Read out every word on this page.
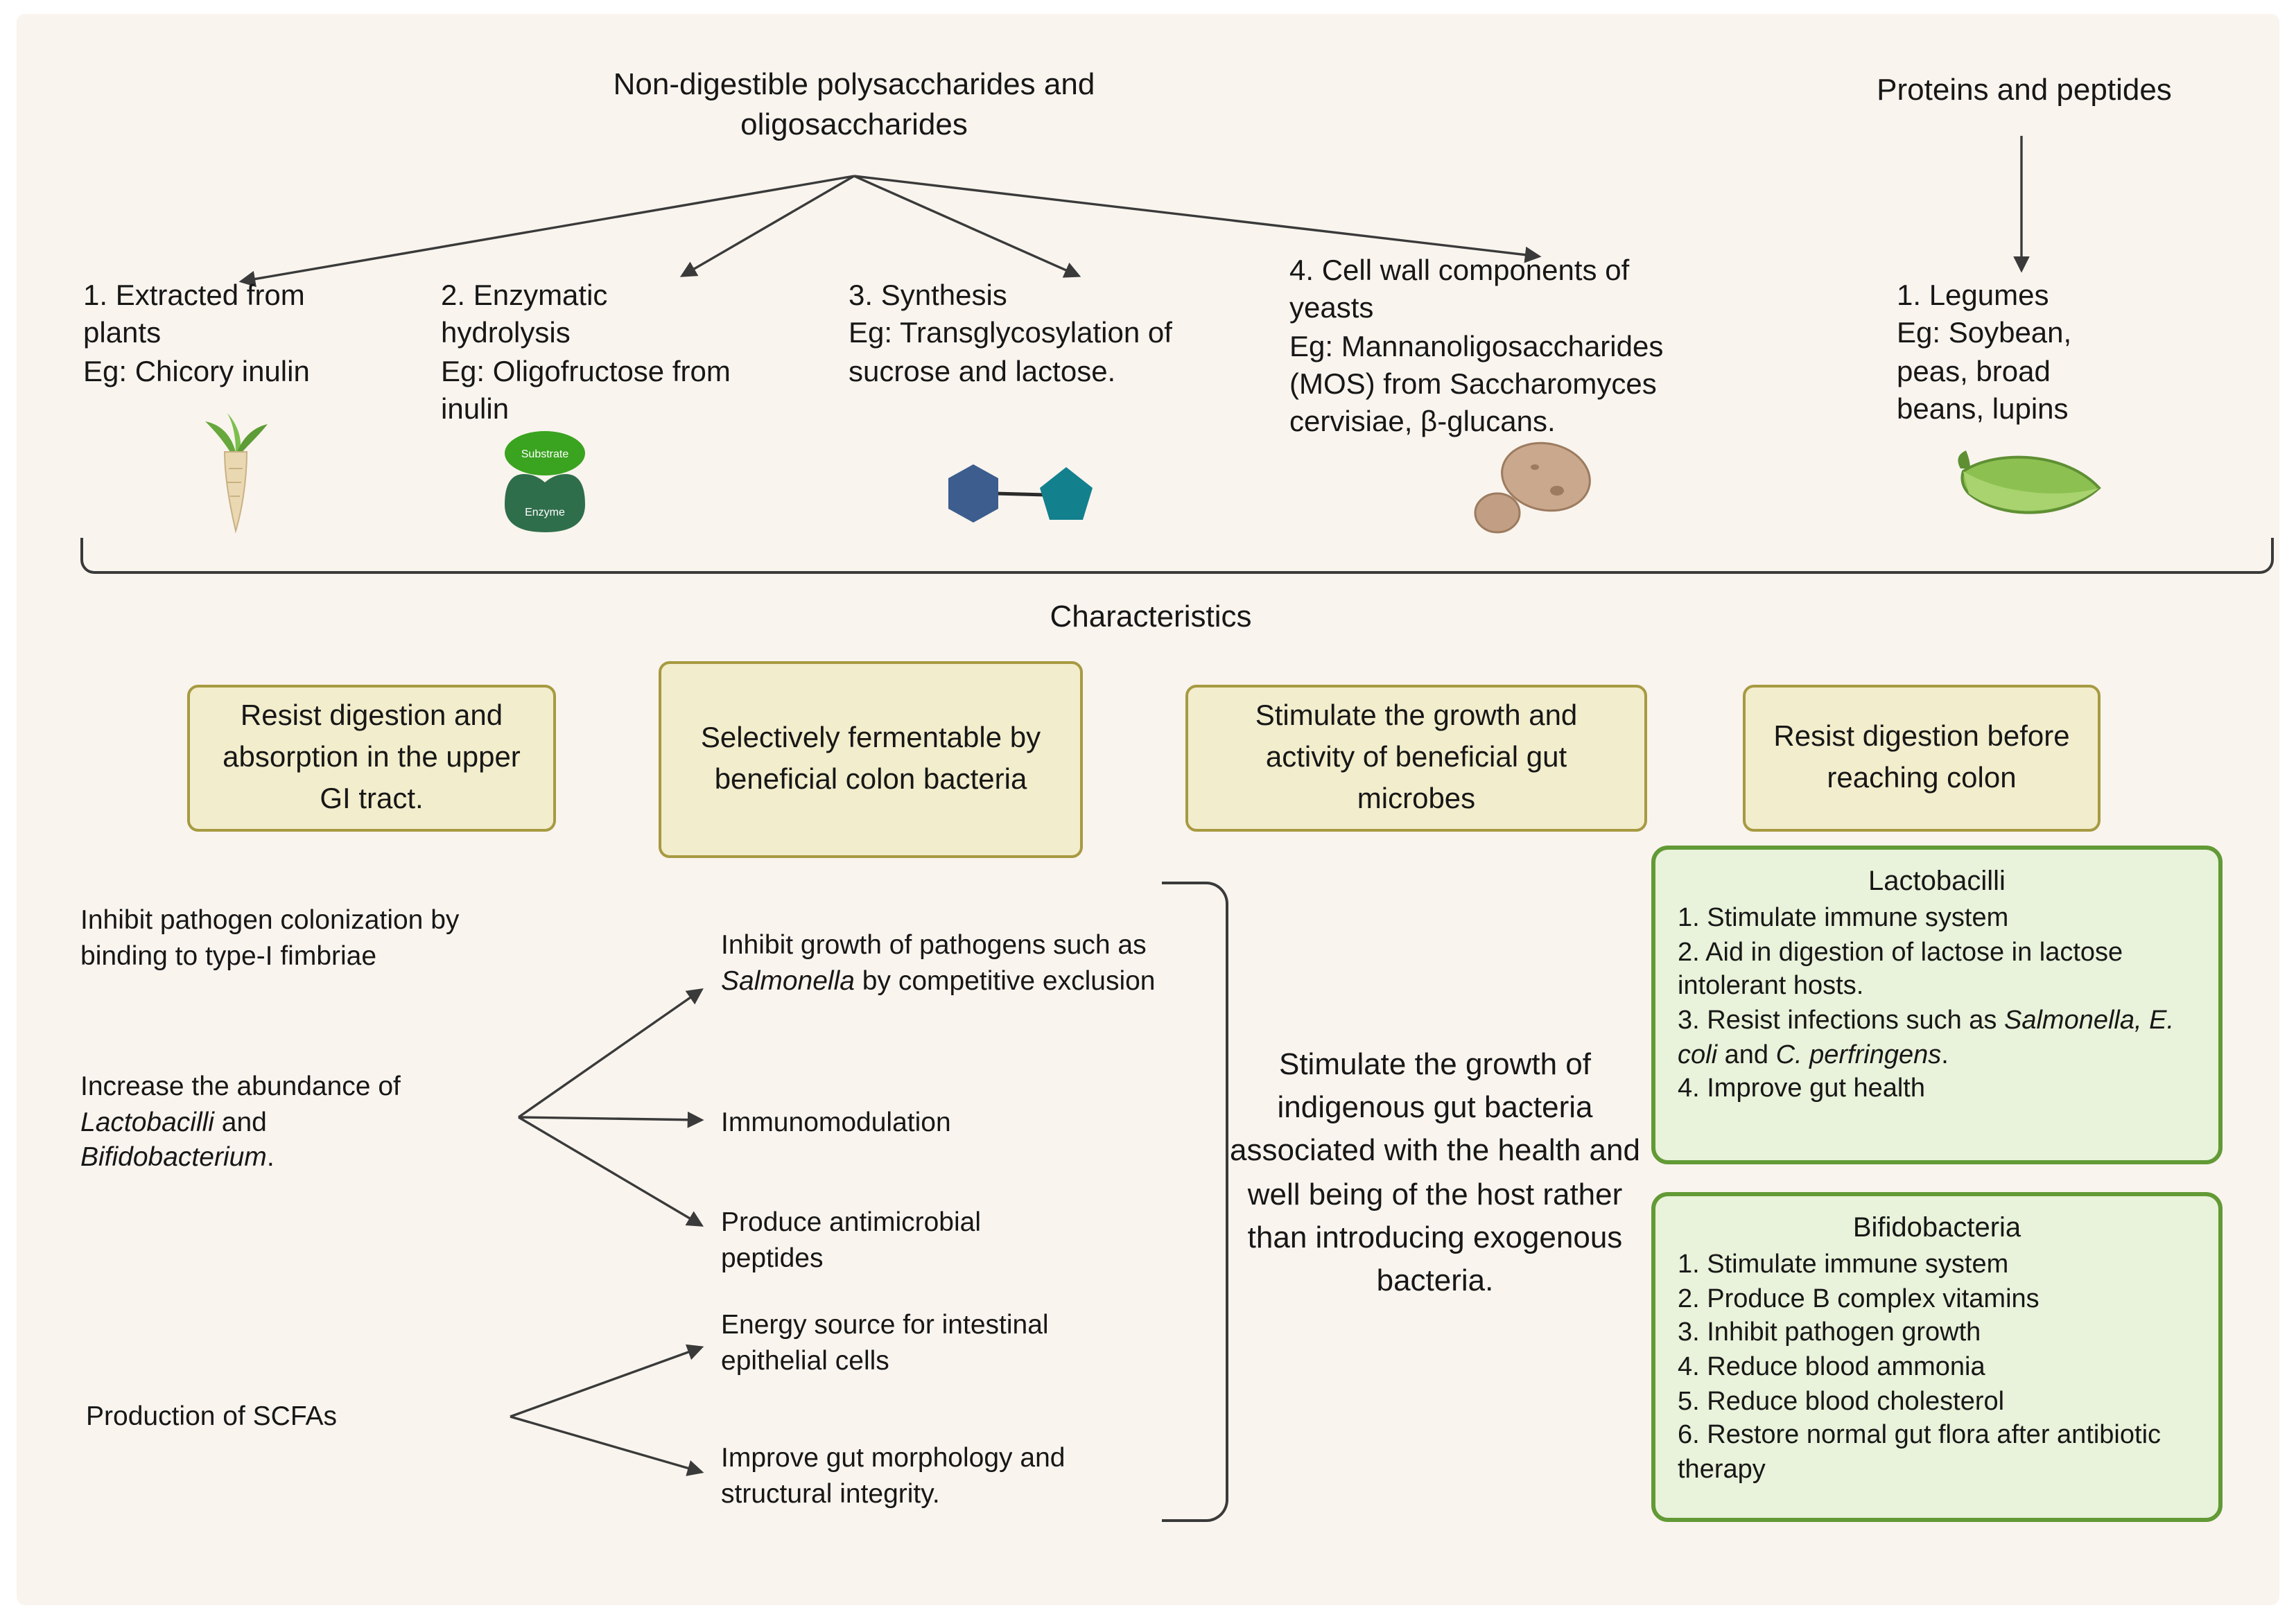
Non-digestible polysaccharides and oligosaccharides
Proteins and peptides
1. Extracted from plants
Eg: Chicory inulin
2. Enzymatic hydrolysis
Eg: Oligofructose from inulin
3. Synthesis
Eg: Transglycosylation of sucrose and lactose.
4. Cell wall components of yeasts
Eg: Mannanoligosaccharides (MOS) from Saccharomyces cervisiae, β-glucans.
1. Legumes
Eg: Soybean, peas, broad beans, lupins
Substrate
Enzyme
Characteristics
Resist digestion and absorption in the upper GI tract.
Selectively fermentable by beneficial colon bacteria
Stimulate the growth and activity of beneficial gut microbes
Resist digestion before reaching colon
Inhibit pathogen colonization by binding to type-I fimbriae
Increase the abundance of Lactobacilli and Bifidobacterium.
Production of SCFAs
Inhibit growth of pathogens such as Salmonella by competitive exclusion
Immunomodulation
Produce antimicrobial peptides
Energy source for intestinal epithelial cells
Improve gut morphology and structural integrity.
Stimulate the growth of indigenous gut bacteria associated with the health and well being of the host rather than introducing exogenous bacteria.
Lactobacilli
1. Stimulate immune system
2. Aid in digestion of lactose in lactose intolerant hosts.
3. Resist infections such as Salmonella, E. coli and C. perfringens.
4. Improve gut health
Bifidobacteria
1. Stimulate immune system
2. Produce B complex vitamins
3. Inhibit pathogen growth
4. Reduce blood ammonia
5. Reduce blood cholesterol
6. Restore normal gut flora after antibiotic therapy
